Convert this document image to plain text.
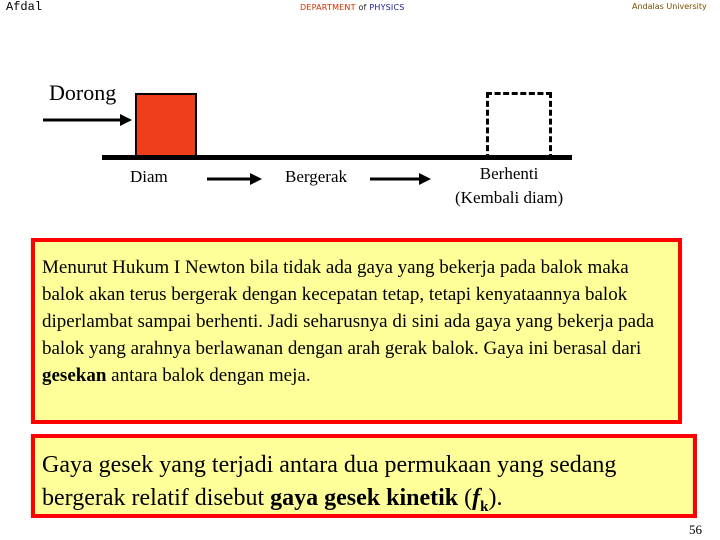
Afdal	DEPARTMENT of PHYSICS	Andalas University
Dorong
Diam	Bergerak	Berhenti
(Kembali diam)
Menurut Hukum I Newton bila tidak ada gaya yang bekerja pada balok maka balok akan terus bergerak dengan kecepatan tetap, tetapi kenyataannya balok diperlambat sampai berhenti. Jadi seharusnya di sini ada gaya yang bekerja pada balok yang arahnya berlawanan dengan arah gerak balok. Gaya ini berasal dari gesekan antara balok dengan meja.
Gaya gesek yang terjadi antara dua permukaan yang sedang bergerak relatif disebut gaya gesek kinetik $(f_k)$.
56
